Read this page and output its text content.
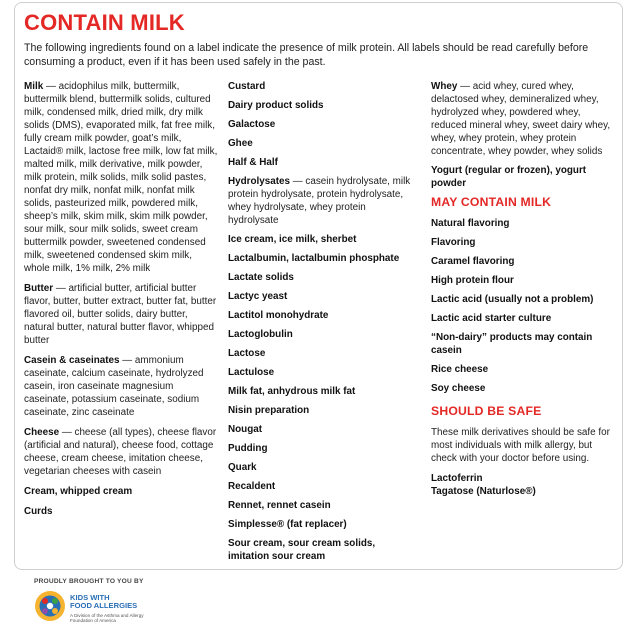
CONTAIN MILK
The following ingredients found on a label indicate the presence of milk protein. All labels should be read carefully before consuming a product, even if it has been used safely in the past.
Milk — acidophilus milk, buttermilk, buttermilk blend, buttermilk solids, cultured milk, condensed milk, dried milk, dry milk solids (DMS), evaporated milk, fat free milk, fully cream milk powder, goat’s milk, Lactaid® milk, lactose free milk, low fat milk, malted milk, milk derivative, milk powder, milk protein, milk solids, milk solid pastes, nonfat dry milk, nonfat milk, nonfat milk solids, pasteurized milk, powdered milk, sheep’s milk, skim milk, skim milk powder, sour milk, sour milk solids, sweet cream buttermilk powder, sweetened condensed milk, sweetened condensed skim milk, whole milk, 1% milk, 2% milk
Butter — artificial butter, artificial butter flavor, butter, butter extract, butter fat, butter flavored oil, butter solids, dairy butter, natural butter, natural butter flavor, whipped butter
Casein & caseinates — ammonium caseinate, calcium caseinate, hydrolyzed casein, iron caseinate magnesium caseinate, potassium caseinate, sodium caseinate, zinc caseinate
Cheese — cheese (all types), cheese flavor (artificial and natural), cheese food, cottage cheese, cream cheese, imitation cheese, vegetarian cheeses with casein
Cream, whipped cream
Curds
Custard
Dairy product solids
Galactose
Ghee
Half & Half
Hydrolysates — casein hydrolysate, milk protein hydrolysate, protein hydrolysate, whey hydrolysate, whey protein hydrolysate
Ice cream, ice milk, sherbet
Lactalbumin, lactalbumin phosphate
Lactate solids
Lactyc yeast
Lactitol monohydrate
Lactoglobulin
Lactose
Lactulose
Milk fat, anhydrous milk fat
Nisin preparation
Nougat
Pudding
Quark
Recaldent
Rennet, rennet casein
Simplesse® (fat replacer)
Sour cream, sour cream solids, imitation sour cream
Whey — acid whey, cured whey, delactosed whey, demineralized whey, hydrolyzed whey, powdered whey, reduced mineral whey, sweet dairy whey, whey, whey protein, whey protein concentrate, whey powder, whey solids
Yogurt (regular or frozen), yogurt powder
MAY CONTAIN MILK
Natural flavoring
Flavoring
Caramel flavoring
High protein flour
Lactic acid (usually not a problem)
Lactic acid starter culture
“Non-dairy” products may contain casein
Rice cheese
Soy cheese
SHOULD BE SAFE
These milk derivatives should be safe for most individuals with milk allergy, but check with your doctor before using.
Lactoferrin
Tagatose (Naturlose®)
PROUDLY BROUGHT TO YOU BY
KIDS WITH
FOOD ALLERGIES
A Division of the Asthma and Allergy Foundation of America
